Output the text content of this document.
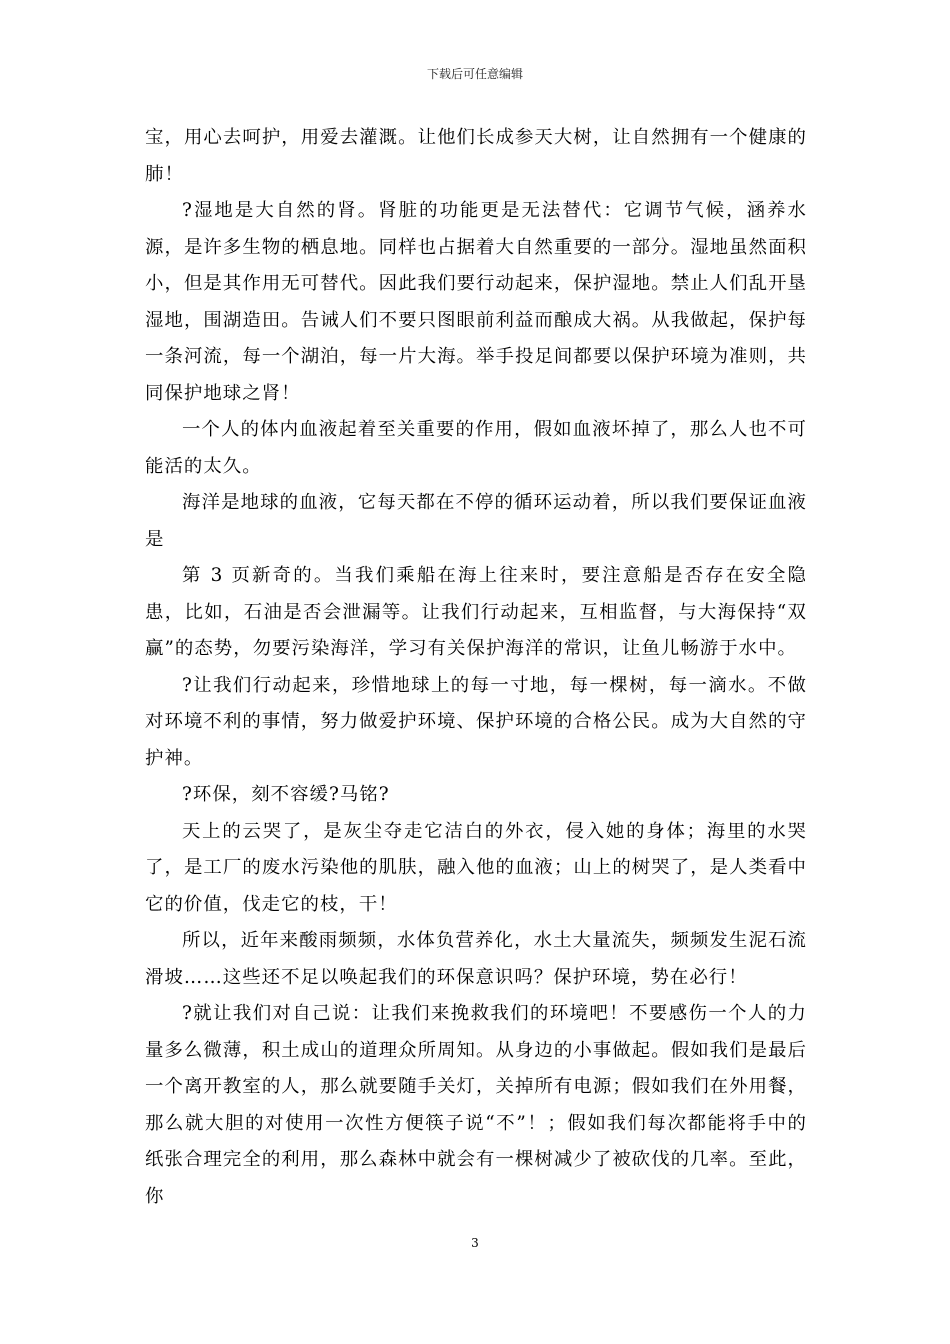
下载后可任意编辑

宝，用心去呵护，用爱去灌溉。让他们长成参天大树，让自然拥有一个健康的肺！

?湿地是大自然的肾。肾脏的功能更是无法替代：它调节气候，涵养水源，是许多生物的栖息地。同样也占据着大自然重要的一部分。湿地虽然面积小，但是其作用无可替代。因此我们要行动起来，保护湿地。禁止人们乱开垦湿地，围湖造田。告诫人们不要只图眼前利益而酿成大祸。从我做起，保护每一条河流，每一个湖泊，每一片大海。举手投足间都要以保护环境为准则，共同保护地球之肾！

一个人的体内血液起着至关重要的作用，假如血液坏掉了，那么人也不可能活的太久。

海洋是地球的血液，它每天都在不停的循环运动着，所以我们要保证血液是

第 3 页新奇的。当我们乘船在海上往来时，要注意船是否存在安全隐患，比如，石油是否会泄漏等。让我们行动起来，互相监督，与大海保持“双赢”的态势，勿要污染海洋，学习有关保护海洋的常识，让鱼儿畅游于水中。

?让我们行动起来，珍惜地球上的每一寸地，每一棵树，每一滴水。不做对环境不利的事情，努力做爱护环境、保护环境的合格公民。成为大自然的守护神。

?环保，刻不容缓?马铭?

天上的云哭了，是灰尘夺走它洁白的外衣，侵入她的身体；海里的水哭了，是工厂的废水污染他的肌肤，融入他的血液；山上的树哭了，是人类看中它的价值，伐走它的枝，干！

所以，近年来酸雨频频，水体负营养化，水土大量流失，频频发生泥石流滑坡……这些还不足以唤起我们的环保意识吗？保护环境，势在必行！

?就让我们对自己说：让我们来挽救我们的环境吧！不要感伤一个人的力量多么微薄，积土成山的道理众所周知。从身边的小事做起。假如我们是最后一个离开教室的人，那么就要随手关灯，关掉所有电源；假如我们在外用餐，那么就大胆的对使用一次性方便筷子说“不”！；假如我们每次都能将手中的纸张合理完全的利用，那么森林中就会有一棵树减少了被砍伐的几率。至此，你

3
